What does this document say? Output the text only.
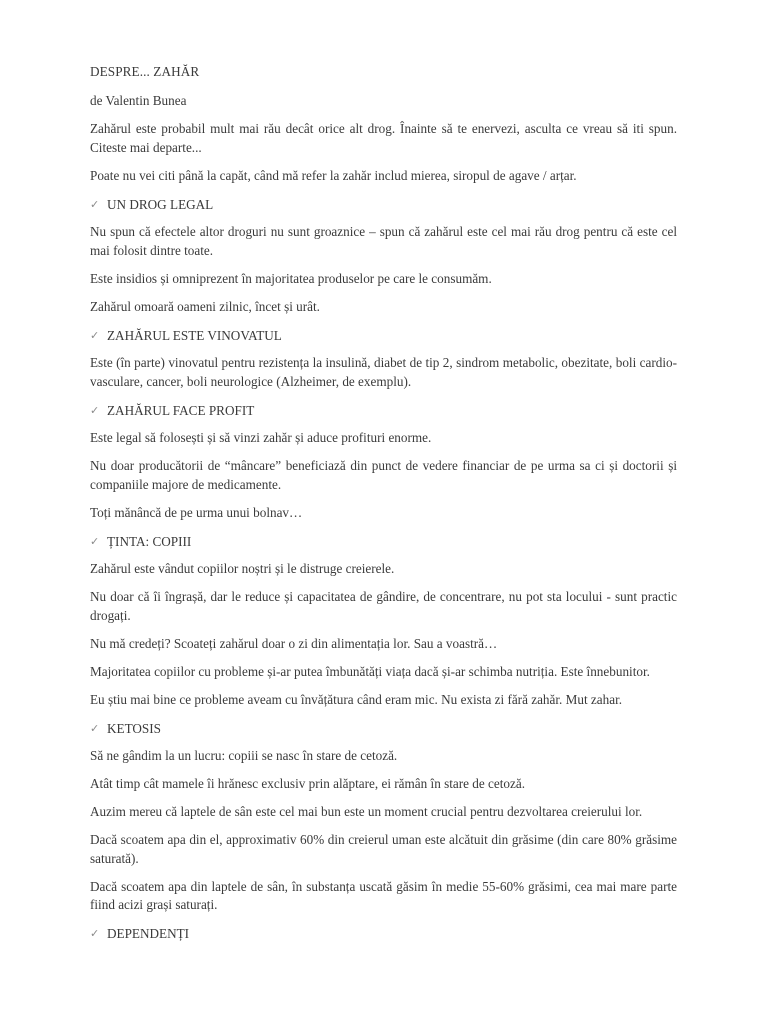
DESPRE... ZAHĂR
de Valentin Bunea
Zahărul este probabil mult mai rău decât orice alt drog. Înainte să te enervezi, asculta ce vreau să iti spun. Citeste mai departe...
Poate nu vei citi până la capăt, când mă refer la zahăr includ mierea, siropul de agave / arțar.
✓ UN DROG LEGAL
Nu spun că efectele altor droguri nu sunt groaznice – spun că zahărul este cel mai rău drog pentru că este cel mai folosit dintre toate.
Este insidios și omniprezent în majoritatea produselor pe care le consumăm.
Zahărul omoară oameni zilnic, încet și urât.
✓ ZAHĂRUL ESTE VINOVATUL
Este (în parte) vinovatul pentru rezistența la insulină, diabet de tip 2, sindrom metabolic, obezitate, boli cardio-vasculare, cancer, boli neurologice (Alzheimer, de exemplu).
✓ ZAHĂRUL FACE PROFIT
Este legal să folosești și să vinzi zahăr și aduce profituri enorme.
Nu doar producătorii de “mâncare” beneficiază din punct de vedere financiar de pe urma sa ci și doctorii și companiile majore de medicamente.
Toți mănâncă de pe urma unui bolnav…
✓ ȚINTA: COPIII
Zahărul este vândut copiilor noștri și le distruge creierele.
Nu doar că îi îngrașă, dar le reduce și capacitatea de gândire, de concentrare, nu pot sta locului - sunt practic drogați.
Nu mă credeți? Scoateți zahărul doar o zi din alimentația lor. Sau a voastră…
Majoritatea copiilor cu probleme și-ar putea îmbunătăți viața dacă și-ar schimba nutriția. Este înnebunitor.
Eu știu mai bine ce probleme aveam cu învățătura când eram mic. Nu exista zi fără zahăr. Mut zahar.
✓ KETOSIS
Să ne gândim la un lucru: copiii se nasc în stare de cetoză.
Atât timp cât mamele îi hrănesc exclusiv prin alăptare, ei rămân în stare de cetoză.
Auzim mereu că laptele de sân este cel mai bun este un moment crucial pentru dezvoltarea creierului lor.
Dacă scoatem apa din el, approximativ 60% din creierul uman este alcătuit din grăsime (din care 80% grăsime saturată).
Dacă scoatem apa din laptele de sân, în substanța uscată găsim în medie 55-60% grăsimi, cea mai mare parte fiind acizi grași saturați.
✓ DEPENDENȚI
